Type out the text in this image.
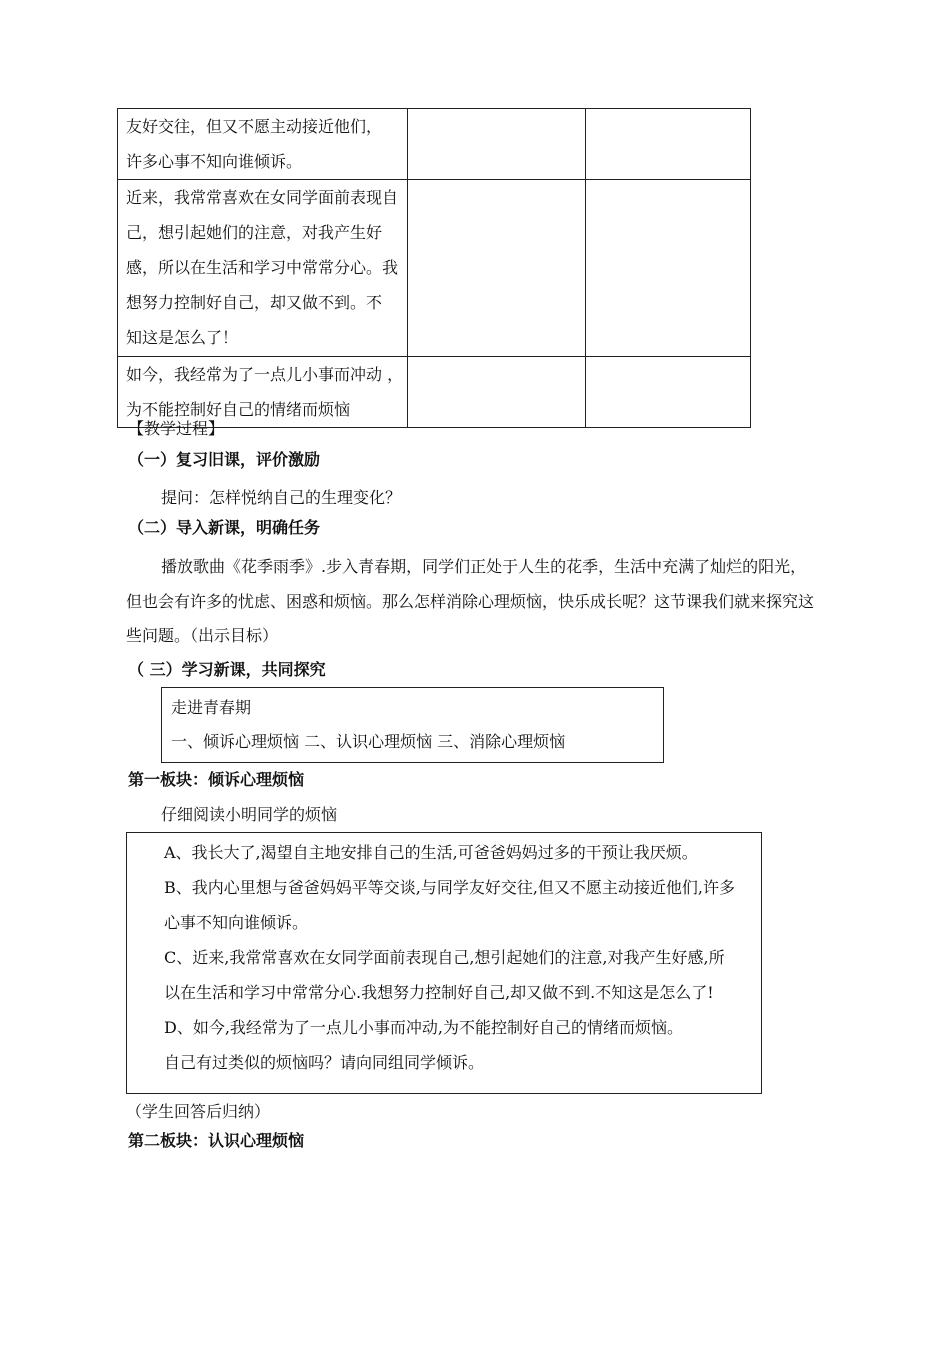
友好交往，但又不愿主动接近他们，
许多心事不知向谁倾诉。		

近来，我常常喜欢在女同学面前表现自
己，想引起她们的注意，对我产生好
感，所以在生活和学习中常常分心。我
想努力控制好自己，却又做不到。不
知这是怎么了！		

如今，我经常为了一点儿小事而冲动 ，
为不能控制好自己的情绪而烦恼		

【教学过程】
（一）复习旧课，评价激励
提问：怎样悦纳自己的生理变化？
（二）导入新课，明确任务
播放歌曲《花季雨季》.步入青春期，同学们正处于人生的花季，生活中充满了灿烂的阳光，
但也会有许多的忧虑、困惑和烦恼。那么怎样消除心理烦恼，快乐成长呢？这节课我们就来探究这
些问题。（出示目标）
（ 三）学习新课，共同探究
走进青春期
一、倾诉心理烦恼 二、认识心理烦恼 三、消除心理烦恼
第一板块：倾诉心理烦恼
仔细阅读小明同学的烦恼
A、我长大了,渴望自主地安排自己的生活,可爸爸妈妈过多的干预让我厌烦。
B、我内心里想与爸爸妈妈平等交谈,与同学友好交往,但又不愿主动接近他们,许多
心事不知向谁倾诉。
C、近来,我常常喜欢在女同学面前表现自己,想引起她们的注意,对我产生好感,所
以在生活和学习中常常分心.我想努力控制好自己,却又做不到.不知这是怎么了!
D、如今,我经常为了一点儿小事而冲动,为不能控制好自己的情绪而烦恼。
自己有过类似的烦恼吗？请向同组同学倾诉。
（学生回答后归纳）
第二板块：认识心理烦恼
